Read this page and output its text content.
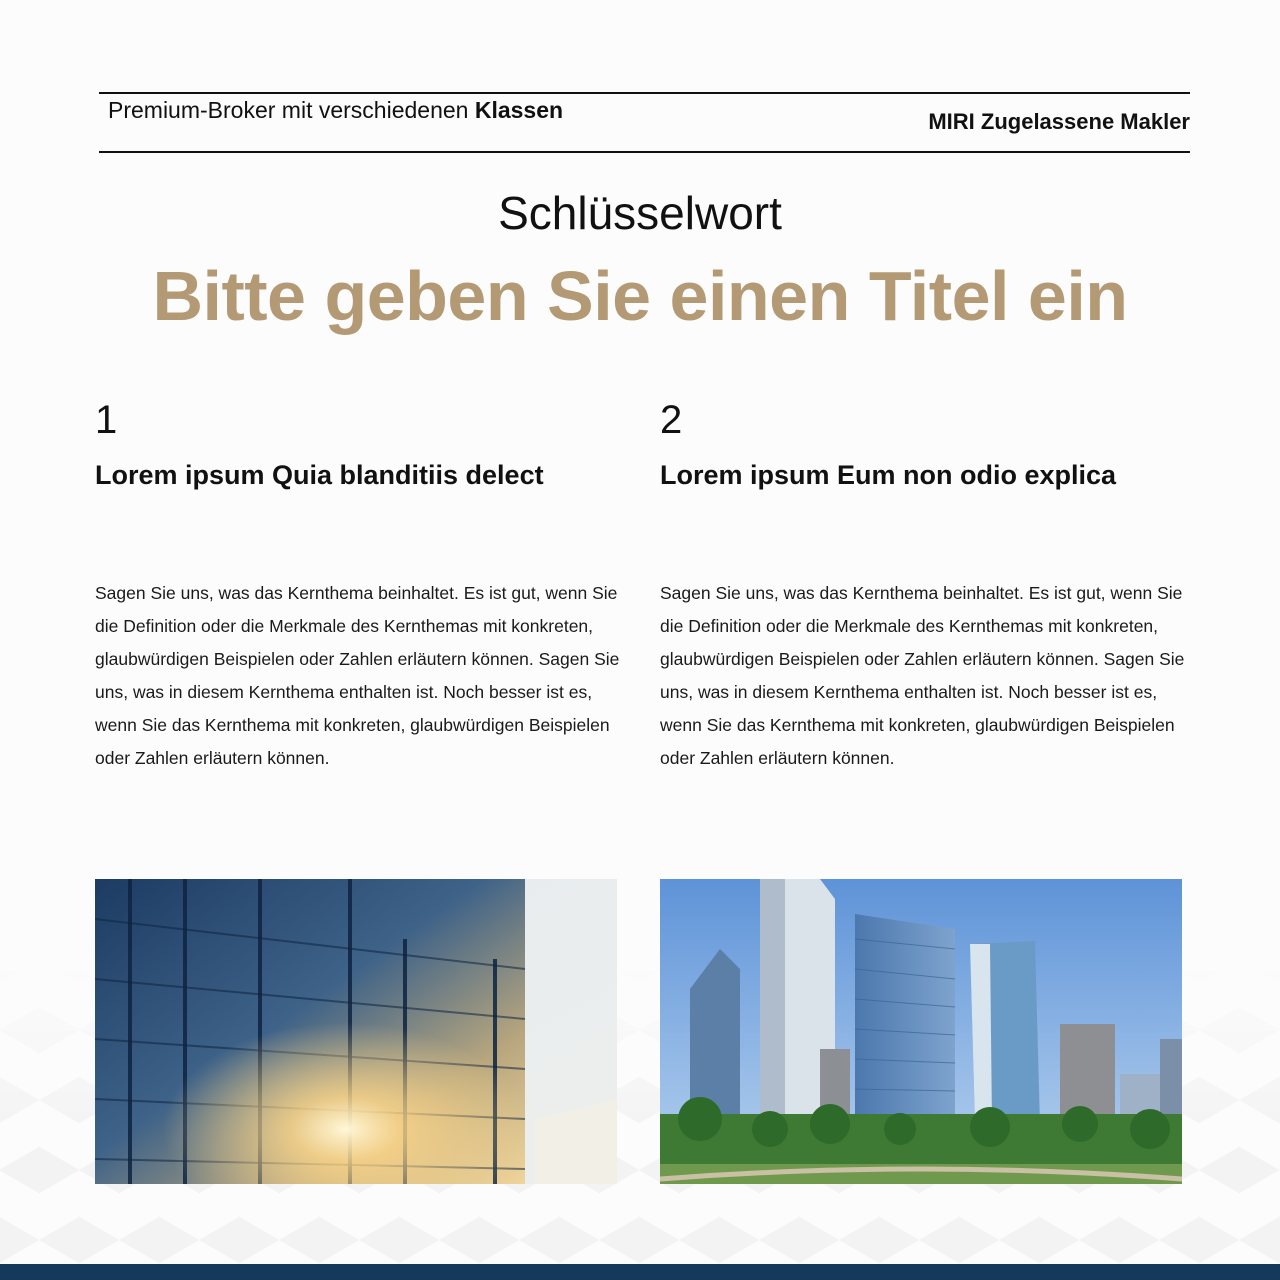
Premium-Broker mit verschiedenen Klassen	MIRI Zugelassene Makler
Schlüsselwort
Bitte geben Sie einen Titel ein
1
Lorem ipsum Quia blanditiis delect
Sagen Sie uns, was das Kernthema beinhaltet. Es ist gut, wenn Sie die Definition oder die Merkmale des Kernthemas mit konkreten, glaubwürdigen Beispielen oder Zahlen erläutern können. Sagen Sie uns, was in diesem Kernthema enthalten ist. Noch besser ist es, wenn Sie das Kernthema mit konkreten, glaubwürdigen Beispielen oder Zahlen erläutern können.
2
Lorem ipsum Eum non odio explica
Sagen Sie uns, was das Kernthema beinhaltet. Es ist gut, wenn Sie die Definition oder die Merkmale des Kernthemas mit konkreten, glaubwürdigen Beispielen oder Zahlen erläutern können. Sagen Sie uns, was in diesem Kernthema enthalten ist. Noch besser ist es, wenn Sie das Kernthema mit konkreten, glaubwürdigen Beispielen oder Zahlen erläutern können.
